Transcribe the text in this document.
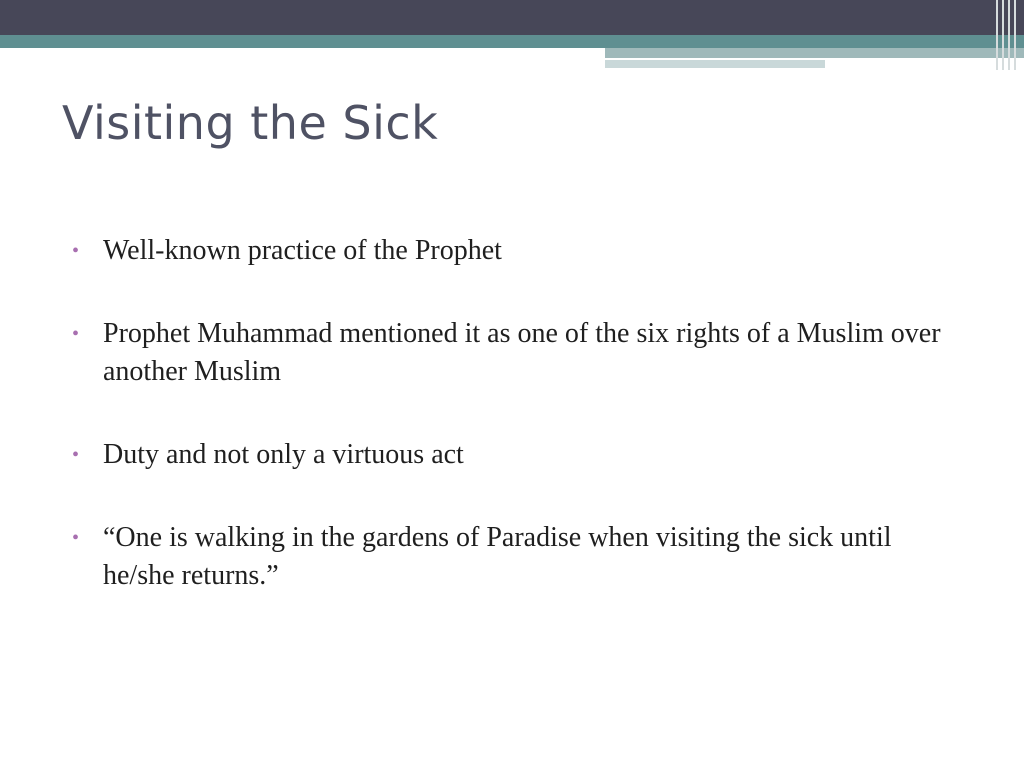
Visiting the Sick
• Well-known practice of the Prophet
• Prophet Muhammad mentioned it as one of the six rights of a Muslim over another Muslim
• Duty and not only a virtuous act
• “One is walking in the gardens of Paradise when visiting the sick until he/she returns.”
